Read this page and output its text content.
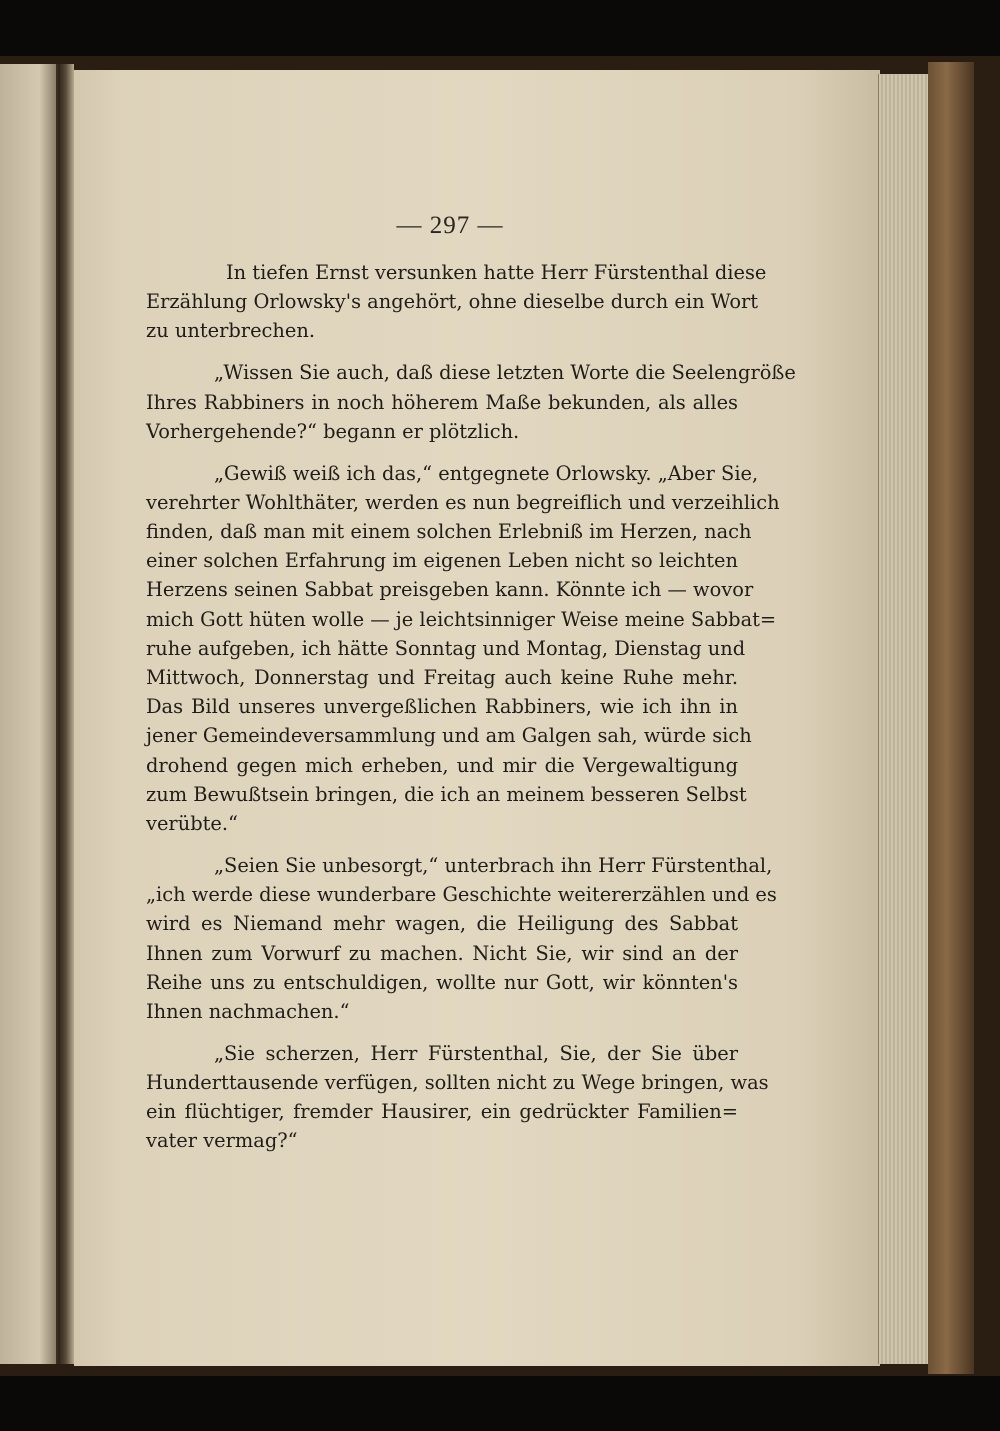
— 297 —
In tiefen Ernst versunken hatte Herr Fürstenthal diese
Erzählung Orlowsky's angehört, ohne dieselbe durch ein Wort
zu unterbrechen.
„Wissen Sie auch, daß diese letzten Worte die Seelengröße
Ihres Rabbiners in noch höherem Maße bekunden, als alles
Vorhergehende?“ begann er plötzlich.
„Gewiß weiß ich das,“ entgegnete Orlowsky. „Aber Sie,
verehrter Wohlthäter, werden es nun begreiflich und verzeihlich
finden, daß man mit einem solchen Erlebniß im Herzen, nach
einer solchen Erfahrung im eigenen Leben nicht so leichten
Herzens seinen Sabbat preisgeben kann. Könnte ich — wovor
mich Gott hüten wolle — je leichtsinniger Weise meine Sabbat=
ruhe aufgeben, ich hätte Sonntag und Montag, Dienstag und
Mittwoch, Donnerstag und Freitag auch keine Ruhe mehr.
Das Bild unseres unvergeßlichen Rabbiners, wie ich ihn in
jener Gemeindeversammlung und am Galgen sah, würde sich
drohend gegen mich erheben, und mir die Vergewaltigung
zum Bewußtsein bringen, die ich an meinem besseren Selbst
verübte.“
„Seien Sie unbesorgt,“ unterbrach ihn Herr Fürstenthal,
„ich werde diese wunderbare Geschichte weitererzählen und es
wird es Niemand mehr wagen, die Heiligung des Sabbat
Ihnen zum Vorwurf zu machen. Nicht Sie, wir sind an der
Reihe uns zu entschuldigen, wollte nur Gott, wir könnten's
Ihnen nachmachen.“
„Sie scherzen, Herr Fürstenthal, Sie, der Sie über
Hunderttausende verfügen, sollten nicht zu Wege bringen, was
ein flüchtiger, fremder Hausirer, ein gedrückter Familien=
vater vermag?“
